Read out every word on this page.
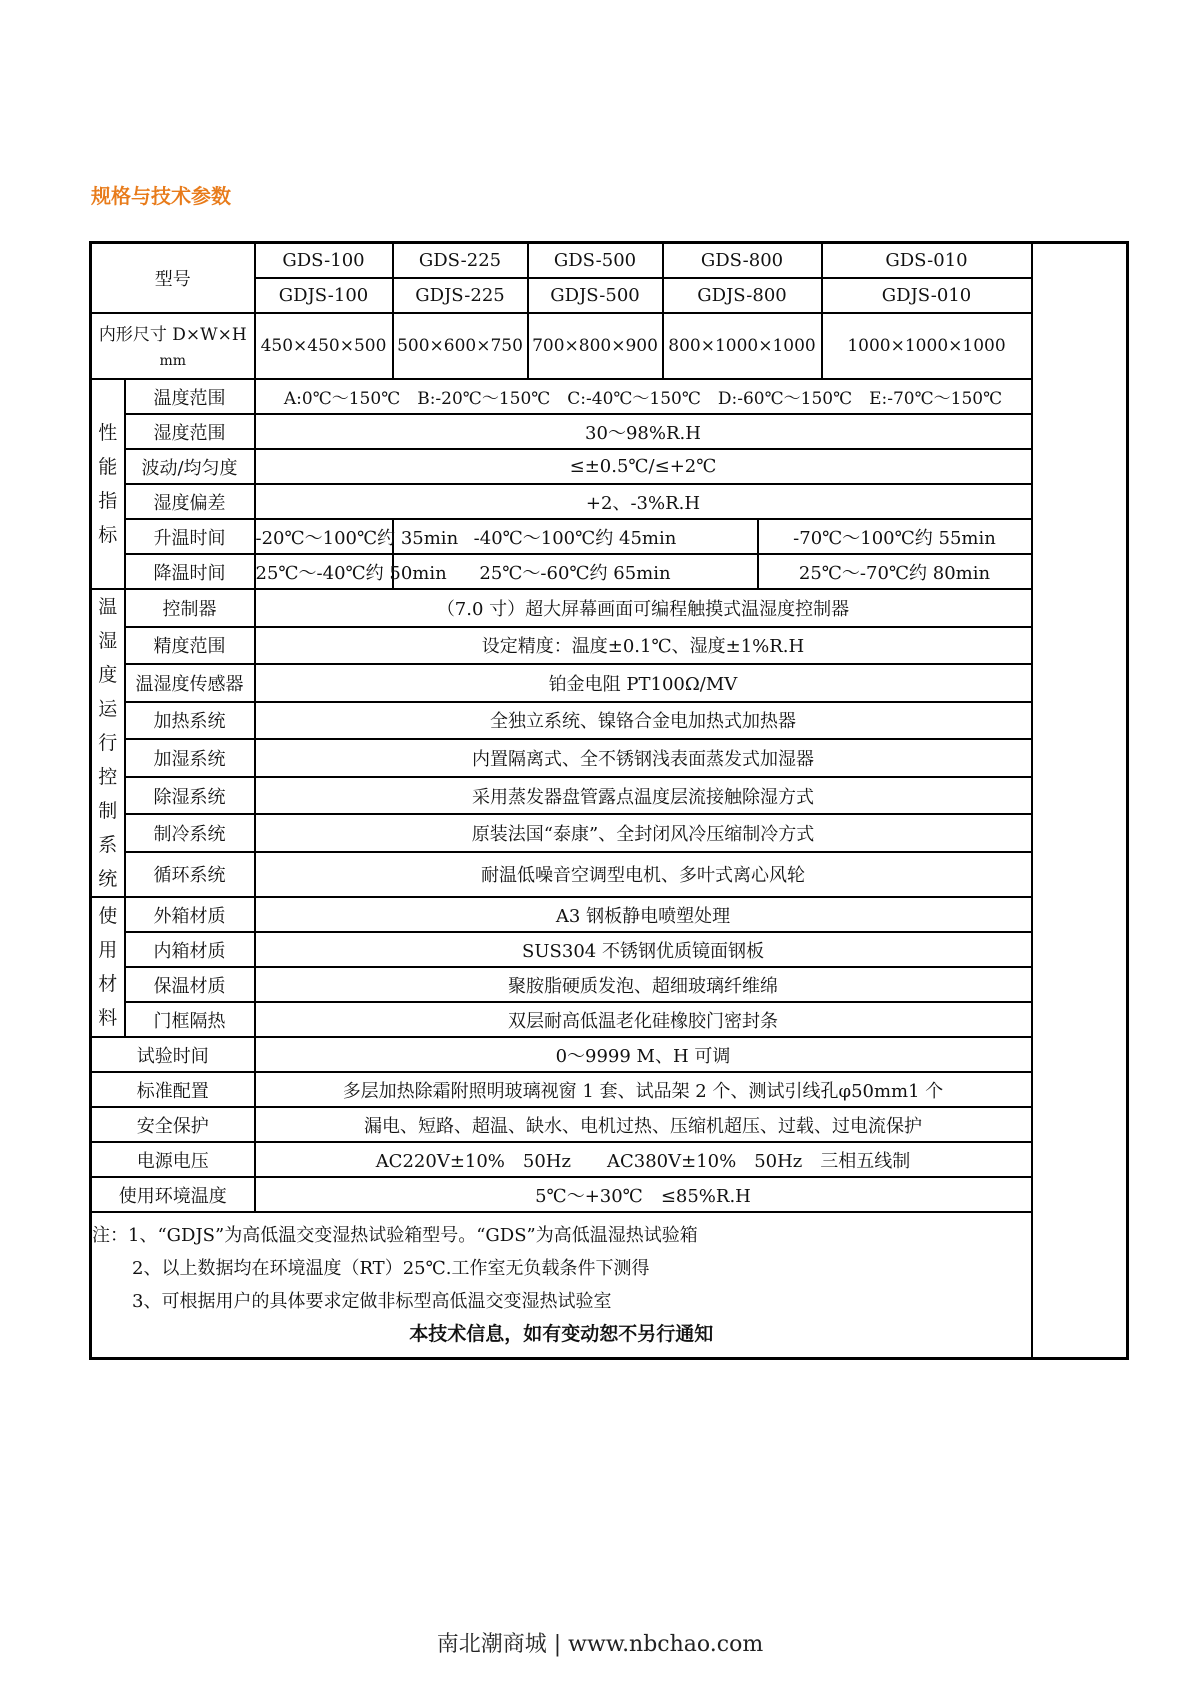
规格与技术参数
型号		GDS-100	GDS-225	GDS-500	GDS-800		GDS-010
		GDJS-100	GDJS-225	GDJS-500	GDJS-800		GDJS-010
内形尺寸 D×W×H
mm		450×450×500	500×600×750	700×800×900	800×1000×1000		1000×1000×1000

性能指标	温度范围	A:0℃～150℃　B:-20℃～150℃　C:-40℃～150℃　D:-60℃～150℃　E:-70℃～150℃					
	湿度范围	30～98%R.H					
	波动/均匀度	≤±0.5℃/≤+2℃					
	湿度偏差	+2、-3%R.H					
	升温时间	-20℃～100℃约 35min	-40℃～100℃约 45min			-70℃～100℃约 55min	
	降温时间	25℃～-40℃约 50min	25℃～-60℃约 65min			25℃～-70℃约 80min	

温湿度运行控制系统	控制器	（7.0 寸）超大屏幕画面可编程触摸式温湿度控制器					
	精度范围	设定精度：温度±0.1℃、湿度±1%R.H					
	温湿度传感器	铂金电阻 PT100Ω/MV					
	加热系统	全独立系统、镍铬合金电加热式加热器					
	加湿系统	内置隔离式、全不锈钢浅表面蒸发式加湿器					
	除湿系统	采用蒸发器盘管露点温度层流接触除湿方式					
	制冷系统	原装法国“泰康”、全封闭风冷压缩制冷方式					
	循环系统	耐温低噪音空调型电机、多叶式离心风轮					

使用材料	外箱材质	A3 钢板静电喷塑处理					
	内箱材质	SUS304 不锈钢优质镜面钢板					
	保温材质	聚胺脂硬质发泡、超细玻璃纤维绵					
	门框隔热	双层耐高低温老化硅橡胶门密封条					
试验时间		0～9999 M、H 可调					
标准配置		多层加热除霜附照明玻璃视窗 1 套、试品架 2 个、测试引线孔φ50mm1 个					
安全保护		漏电、短路、超温、缺水、电机过热、压缩机超压、过载、过电流保护					
电源电压		AC220V±10%　50Hz　　AC380V±10%　50Hz　三相五线制					
使用环境温度		5℃～+30℃　≤85%R.H					

注：1、“GDJS”为高低温交变湿热试验箱型号。“GDS”为高低温湿热试验箱
2、以上数据均在环境温度（RT）25℃.工作室无负载条件下测得
3、可根据用户的具体要求定做非标型高低温交变湿热试验室
本技术信息，如有变动恕不另行通知							
南北潮商城 | www.nbchao.com
